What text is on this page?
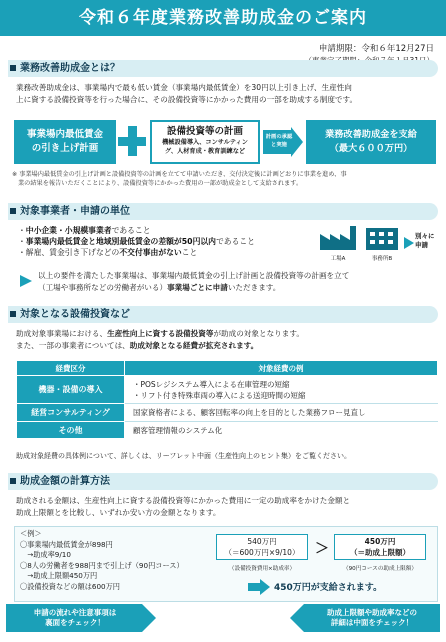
令和６年度業務改善助成金のご案内
申請期限：令和６年12月27日
業務改善助成金とは？
業務改善助成金は、事業場内で最も低い賃金（事業場内最低賃金）を30円以上引き上げ、生産性向
上に資する設備投資等を行った場合に、その設備投資等にかかった費用の一部を助成する制度です。
事業場内最低賃金
の引き上げ計画
設備投資等の計画
機械設備導入、コンサルティン
グ、人材育成・教育訓練など
計画の承認
と実施
業務改善助成金を支給
（最大６００万円）
※ 事業場内最低賃金の引上げ計画と設備投資等の計画を立てて申請いただき、交付決定後に計画どおりに事業を進め、事
業の結果を報告いただくことにより、設備投資等にかかった費用の一部が助成金として支給されます。
対象事業者・申請の単位
・中小企業・小規模事業者であること
・事業場内最低賃金と地域別最低賃金の差額が50円以内であること
・解雇、賃金引き下げなどの不交付事由がないこと
工場A	事務所B
別々に
申請
以上の要件を満たした事業場は、事業場内最低賃金の引上げ計画と設備投資等の計画を立て
（工場や事務所などの労働者がいる）事業場ごとに申請いただきます。
対象となる設備投資など
助成対象事業場における、生産性向上に資する設備投資等が助成の対象となります。
また、一部の事業者については、助成対象となる経費が拡充されます。
経費区分	対象経費の例
機器・設備の導入	・POSレジシステム導入による在庫管理の短縮
・リフト付き特殊車両の導入による送迎時間の短縮

経営コンサルティング	国家資格者による、顧客回転率の向上を目的とした業務フロー見直し
その他	顧客管理情報のシステム化
助成対象経費の具体例について、詳しくは、リーフレット中面（生産性向上のヒント集）をご覧ください。
助成金額の計算方法
助成される金額は、生産性向上に資する設備投資等にかかった費用に一定の助成率をかけた金額と
助成上限額とを比較し、いずれか安い方の金額となります。
＜例＞
〇事業場内最低賃金が898円
　→助成率9/10
〇8人の労働者を988円まで引上げ（90円コース）
　→助成上限額450万円
〇設備投資などの額は600万円
540万円
（＝600万円×9/10）
（設備投資費用×助成率）
＞	450万円
（＝助成上限額）
（90円コースの助成上限額）
450万円が支給されます。
申請の流れや注意事項は
裏面をチェック！
助成上限額や助成率などの
詳細は中面をチェック！
